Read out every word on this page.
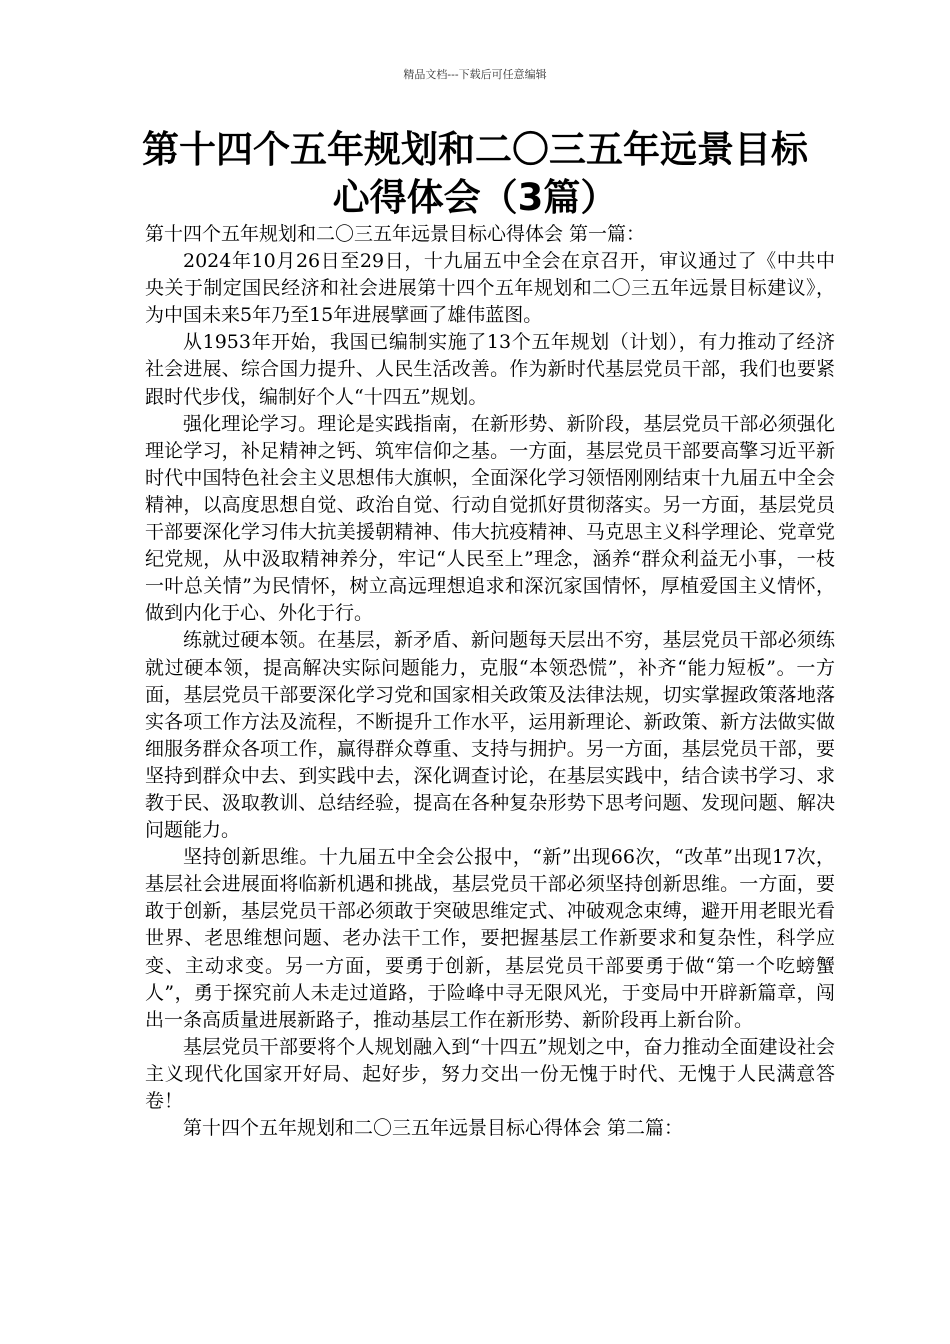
精品文档---下载后可任意编辑
第十四个五年规划和二〇三五年远景目标心得体会（3篇）

第十四个五年规划和二〇三五年远景目标心得体会 第一篇：

2024年10月26日至29日，十九届五中全会在京召开，审议通过了《中共中央关于制定国民经济和社会进展第十四个五年规划和二〇三五年远景目标建议》，为中国未来5年乃至15年进展擘画了雄伟蓝图。

从1953年开始，我国已编制实施了13个五年规划（计划），有力推动了经济社会进展、综合国力提升、人民生活改善。作为新时代基层党员干部，我们也要紧跟时代步伐，编制好个人“十四五”规划。

强化理论学习。理论是实践指南，在新形势、新阶段，基层党员干部必须强化理论学习，补足精神之钙、筑牢信仰之基。一方面，基层党员干部要高擎习近平新时代中国特色社会主义思想伟大旗帜，全面深化学习领悟刚刚结束十九届五中全会精神，以高度思想自觉、政治自觉、行动自觉抓好贯彻落实。另一方面，基层党员干部要深化学习伟大抗美援朝精神、伟大抗疫精神、马克思主义科学理论、党章党纪党规，从中汲取精神养分，牢记“人民至上”理念，涵养“群众利益无小事，一枝一叶总关情”为民情怀，树立高远理想追求和深沉家国情怀，厚植爱国主义情怀，做到内化于心、外化于行。

练就过硬本领。在基层，新矛盾、新问题每天层出不穷，基层党员干部必须练就过硬本领，提高解决实际问题能力，克服“本领恐慌”，补齐“能力短板”。一方面，基层党员干部要深化学习党和国家相关政策及法律法规，切实掌握政策落地落实各项工作方法及流程，不断提升工作水平，运用新理论、新政策、新方法做实做细服务群众各项工作，赢得群众尊重、支持与拥护。另一方面，基层党员干部，要坚持到群众中去、到实践中去，深化调查讨论，在基层实践中，结合读书学习、求教于民、汲取教训、总结经验，提高在各种复杂形势下思考问题、发现问题、解决问题能力。

坚持创新思维。十九届五中全会公报中，“新”出现66次，“改革”出现17次，基层社会进展面将临新机遇和挑战，基层党员干部必须坚持创新思维。一方面，要敢于创新，基层党员干部必须敢于突破思维定式、冲破观念束缚，避开用老眼光看世界、老思维想问题、老办法干工作，要把握基层工作新要求和复杂性，科学应变、主动求变。另一方面，要勇于创新，基层党员干部要勇于做“第一个吃螃蟹人”，勇于探究前人未走过道路，于险峰中寻无限风光，于变局中开辟新篇章，闯出一条高质量进展新路子，推动基层工作在新形势、新阶段再上新台阶。

基层党员干部要将个人规划融入到“十四五”规划之中，奋力推动全面建设社会主义现代化国家开好局、起好步，努力交出一份无愧于时代、无愧于人民满意答卷！

第十四个五年规划和二〇三五年远景目标心得体会 第二篇：
